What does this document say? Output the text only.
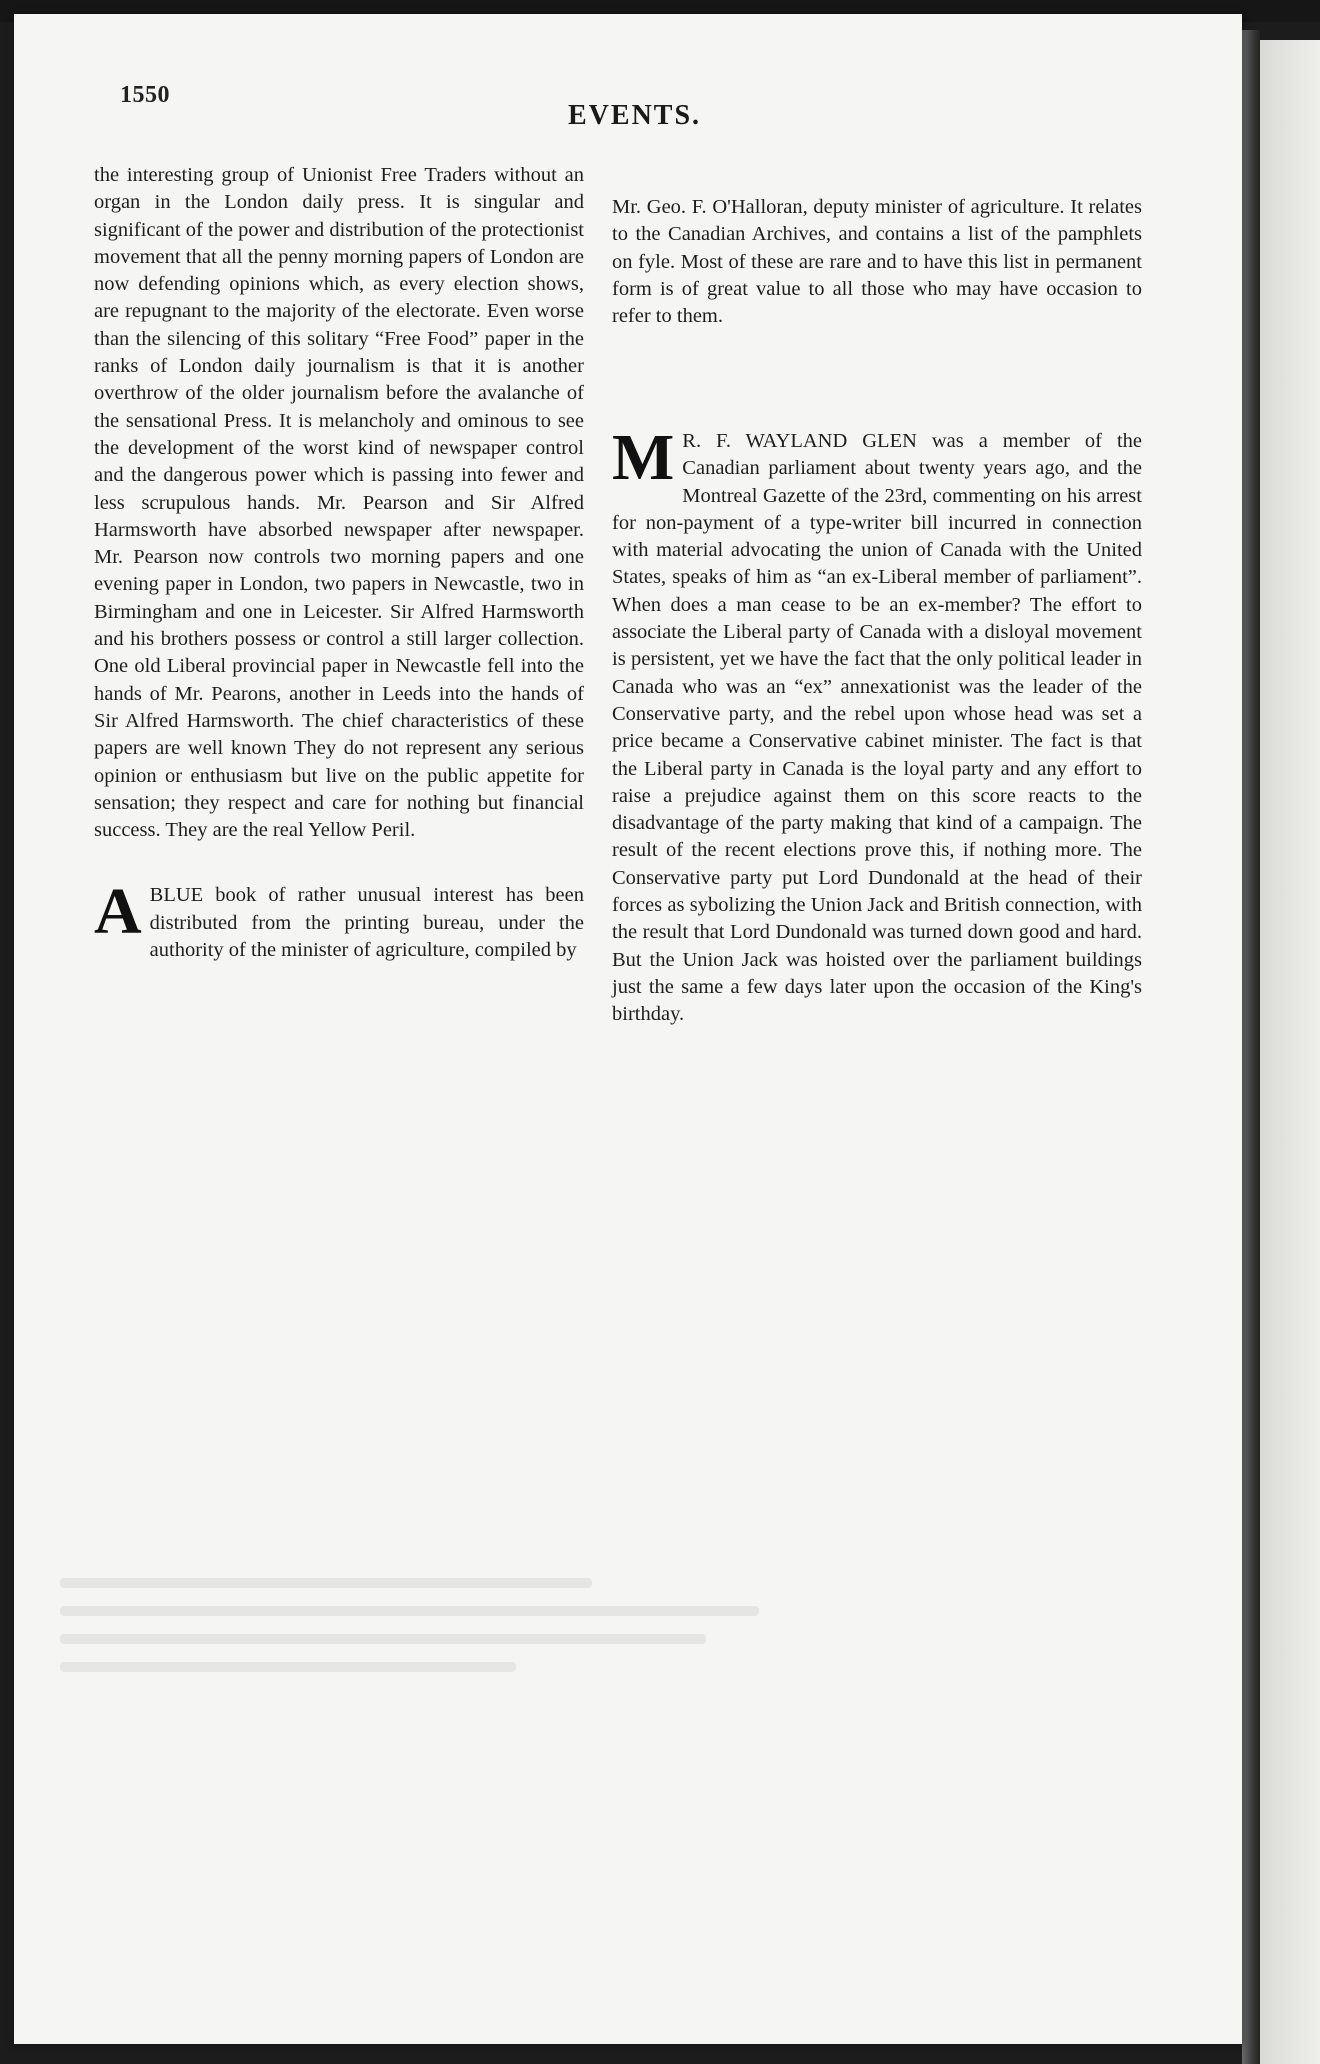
1550
EVENTS.

the interesting group of Unionist Free Traders without an organ in the London daily press. It is singular and significant of the power and distribution of the protectionist movement that all the penny morning papers of London are now defending opinions which, as every election shows, are repugnant to the majority of the electorate. Even worse than the silencing of this solitary “Free Food” paper in the ranks of London daily journalism is that it is another overthrow of the older journalism before the avalanche of the sensational Press. It is melancholy and ominous to see the development of the worst kind of newspaper control and the dangerous power which is passing into fewer and less scrupulous hands. Mr. Pearson and Sir Alfred Harmsworth have absorbed newspaper after newspaper. Mr. Pearson now controls two morning papers and one evening paper in London, two papers in Newcastle, two in Birmingham and one in Leicester. Sir Alfred Harmsworth and his brothers possess or control a still larger collection. One old Liberal provincial paper in Newcastle fell into the hands of Mr. Pearons, another in Leeds into the hands of Sir Alfred Harmsworth. The chief characteristics of these papers are well known They do not represent any serious opinion or enthusiasm but live on the public appetite for sensation; they respect and care for nothing but financial success. They are the real Yellow Peril.

ABLUE book of rather unusual interest has been distributed from the printing bureau, under the authority of the minister of agriculture, compiled by

Mr. Geo. F. O'Halloran, deputy minister of agriculture. It relates to the Canadian Archives, and contains a list of the pamphlets on fyle. Most of these are rare and to have this list in permanent form is of great value to all those who may have occasion to refer to them.

M R. F. WAYLAND GLEN was a member of the Canadian parliament about twenty years ago, and the Montreal Gazette of the 23rd, commenting on his arrest for non-payment of a type-writer bill incurred in connection with material advocating the union of Canada with the United States, speaks of him as “an ex-Liberal member of parliament”. When does a man cease to be an ex-member? The effort to associate the Liberal party of Canada with a disloyal movement is persistent, yet we have the fact that the only political leader in Canada who was an “ex” annexationist was the leader of the Conservative party, and the rebel upon whose head was set a price became a Conservative cabinet minister. The fact is that the Liberal party in Canada is the loyal party and any effort to raise a prejudice against them on this score reacts to the disadvantage of the party making that kind of a campaign. The result of the recent elections prove this, if nothing more. The Conservative party put Lord Dundonald at the head of their forces as sybolizing the Union Jack and British connection, with the result that Lord Dundonald was turned down good and hard. But the Union Jack was hoisted over the parliament buildings just the same a few days later upon the occasion of the King's birthday.
